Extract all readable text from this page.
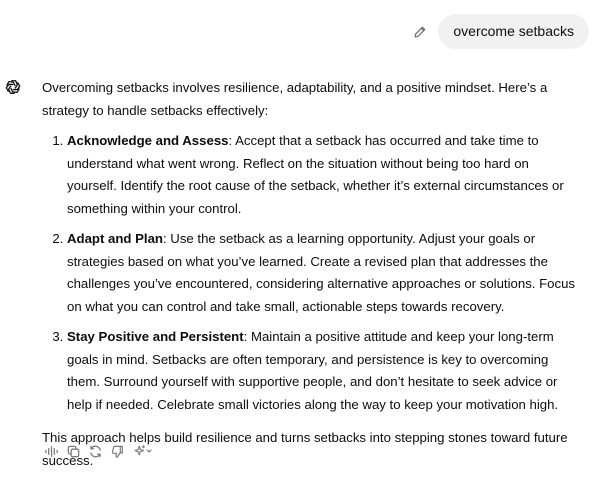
overcome setbacks

Overcoming setbacks involves resilience, adaptability, and a positive mindset. Here’s a strategy to handle setbacks effectively:

1. Acknowledge and Assess: Accept that a setback has occurred and take time to understand what went wrong. Reflect on the situation without being too hard on yourself. Identify the root cause of the setback, whether it’s external circumstances or something within your control.
2. Adapt and Plan: Use the setback as a learning opportunity. Adjust your goals or strategies based on what you’ve learned. Create a revised plan that addresses the challenges you’ve encountered, considering alternative approaches or solutions. Focus on what you can control and take small, actionable steps towards recovery.
3. Stay Positive and Persistent: Maintain a positive attitude and keep your long-term goals in mind. Setbacks are often temporary, and persistence is key to overcoming them. Surround yourself with supportive people, and don’t hesitate to seek advice or help if needed. Celebrate small victories along the way to keep your motivation high.

This approach helps build resilience and turns setbacks into stepping stones toward future success.
